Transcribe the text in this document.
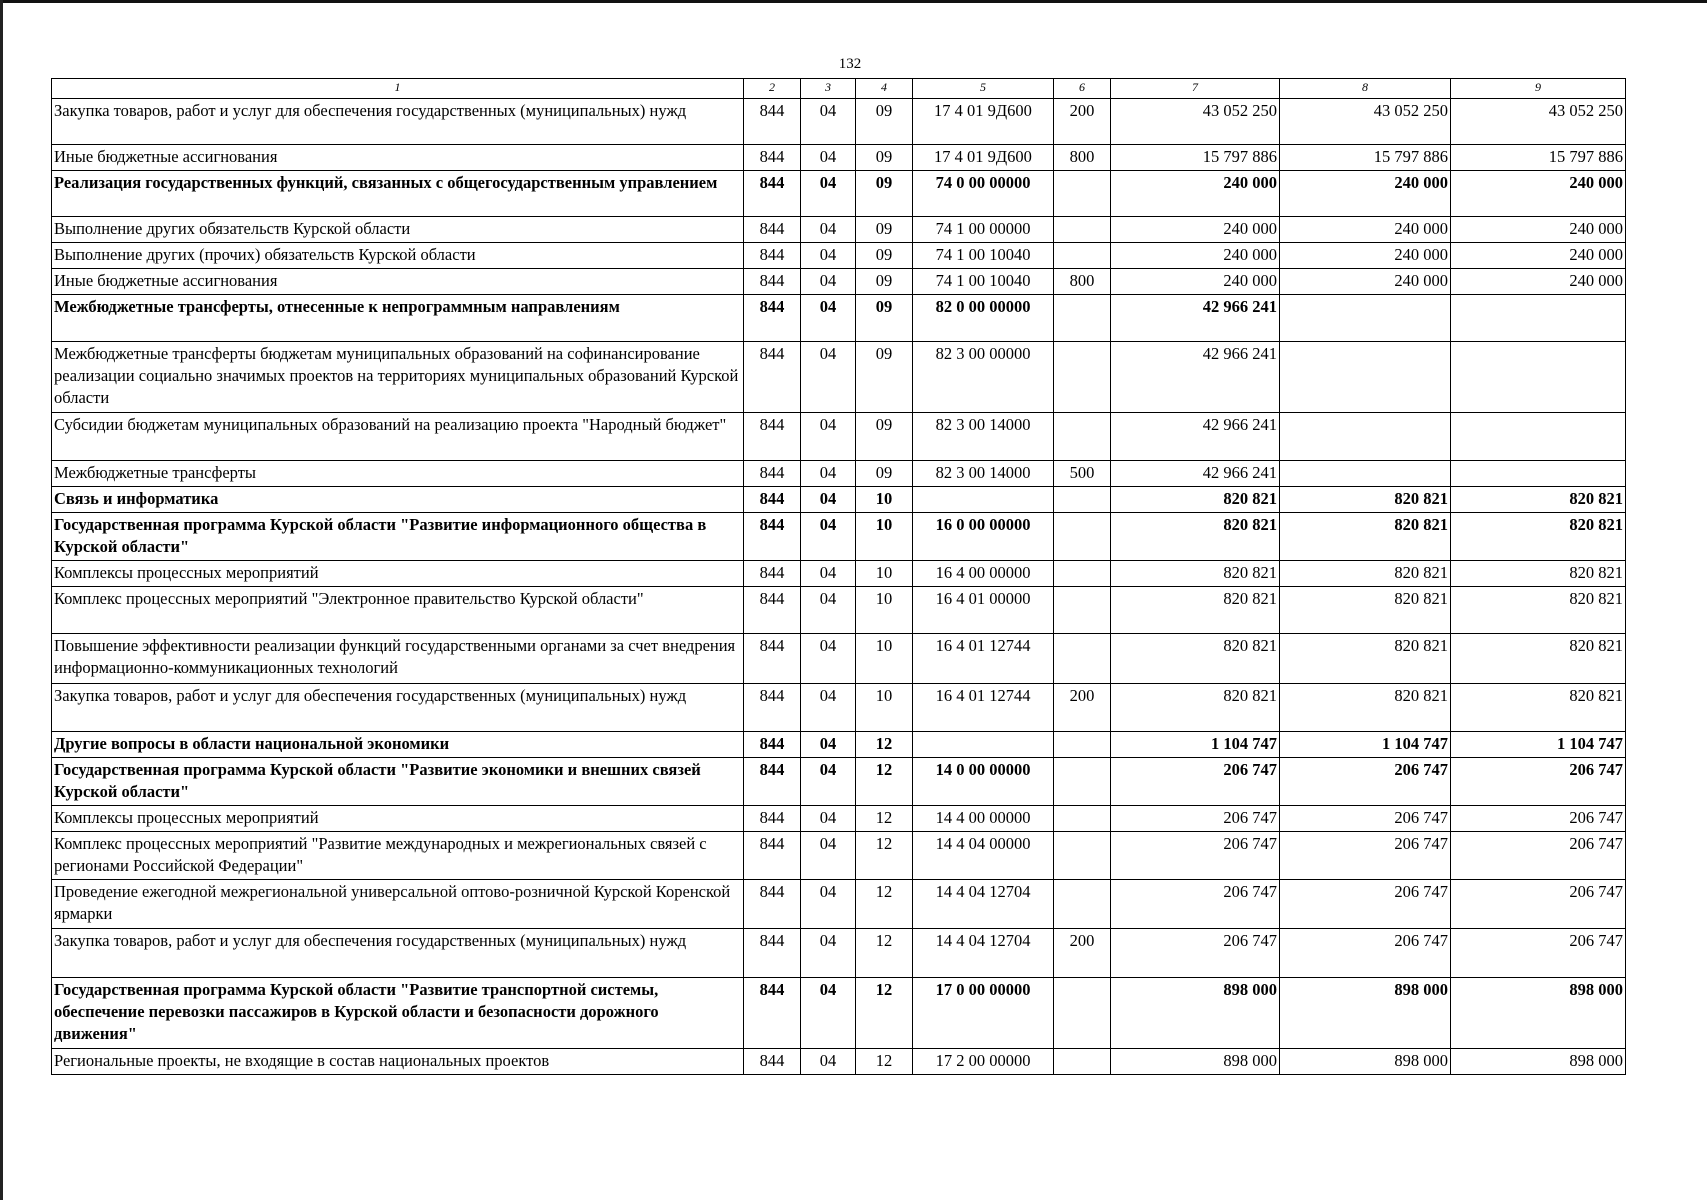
132
1	2	3	4	5	6	7	8	9
Закупка товаров, работ и услуг для обеспечения государственных (муниципальных) нужд	844	04	09	17 4 01 9Д600	200	43 052 250	43 052 250	43 052 250
Иные бюджетные ассигнования	844	04	09	17 4 01 9Д600	800	15 797 886	15 797 886	15 797 886
Реализация государственных функций, связанных с общегосударственным управлением	844	04	09	74 0 00 00000		240 000	240 000	240 000
Выполнение других обязательств Курской области	844	04	09	74 1 00 00000		240 000	240 000	240 000
Выполнение других (прочих) обязательств Курской области	844	04	09	74 1 00 10040		240 000	240 000	240 000
Иные бюджетные ассигнования	844	04	09	74 1 00 10040	800	240 000	240 000	240 000
Межбюджетные трансферты, отнесенные к непрограммным направлениям	844	04	09	82 0 00 00000		42 966 241		
Межбюджетные трансферты бюджетам муниципальных образований на софинансирование реализации социально значимых проектов на территориях муниципальных образований Курской области	844	04	09	82 3 00 00000		42 966 241		
Субсидии бюджетам муниципальных образований на реализацию проекта "Народный бюджет"	844	04	09	82 3 00 14000		42 966 241		
Межбюджетные трансферты	844	04	09	82 3 00 14000	500	42 966 241		
Связь и информатика	844	04	10			820 821	820 821	820 821
Государственная программа Курской области "Развитие информационного общества в Курской области"	844	04	10	16 0 00 00000		820 821	820 821	820 821
Комплексы процессных мероприятий	844	04	10	16 4 00 00000		820 821	820 821	820 821
Комплекс процессных мероприятий "Электронное правительство Курской области"	844	04	10	16 4 01 00000		820 821	820 821	820 821
Повышение эффективности реализации функций государственными органами за счет внедрения информационно-коммуникационных технологий	844	04	10	16 4 01 12744		820 821	820 821	820 821
Закупка товаров, работ и услуг для обеспечения государственных (муниципальных) нужд	844	04	10	16 4 01 12744	200	820 821	820 821	820 821
Другие вопросы в области национальной экономики	844	04	12			1 104 747	1 104 747	1 104 747
Государственная программа Курской области "Развитие экономики и внешних связей Курской области"	844	04	12	14 0 00 00000		206 747	206 747	206 747
Комплексы процессных мероприятий	844	04	12	14 4 00 00000		206 747	206 747	206 747
Комплекс процессных мероприятий "Развитие международных и межрегиональных связей с регионами Российской Федерации"	844	04	12	14 4 04 00000		206 747	206 747	206 747
Проведение ежегодной межрегиональной универсальной оптово-розничной Курской Коренской ярмарки	844	04	12	14 4 04 12704		206 747	206 747	206 747
Закупка товаров, работ и услуг для обеспечения государственных (муниципальных) нужд	844	04	12	14 4 04 12704	200	206 747	206 747	206 747
Государственная программа Курской области "Развитие транспортной системы, обеспечение перевозки пассажиров в Курской области и безопасности дорожного движения"	844	04	12	17 0 00 00000		898 000	898 000	898 000
Региональные проекты, не входящие в состав национальных проектов	844	04	12	17 2 00 00000		898 000	898 000	898 000
